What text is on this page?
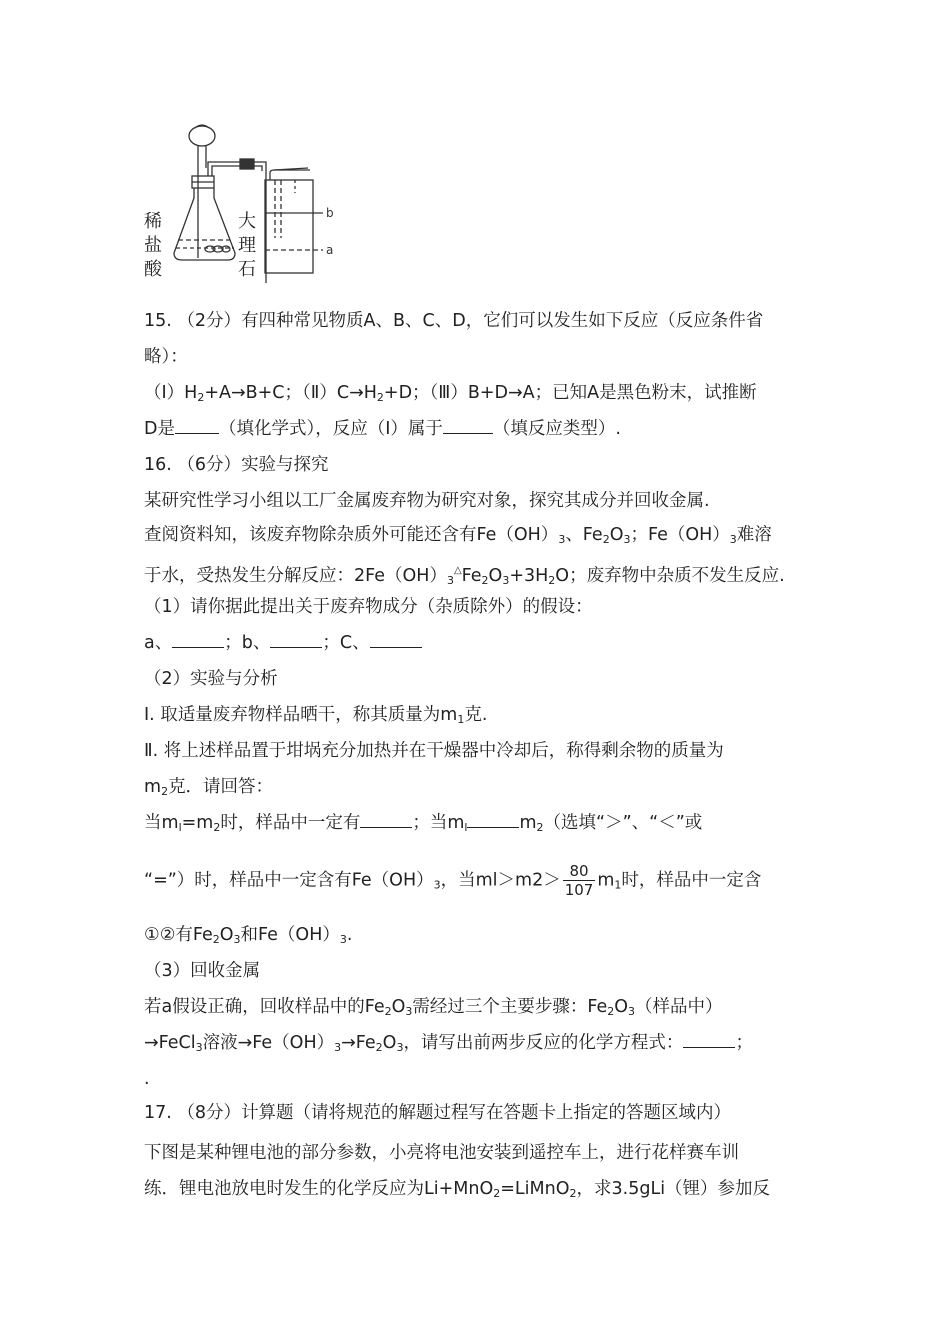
b
a
稀
盐
酸
大
理
石
15. （2分）有四种常见物质A、B、C、D，它们可以发生如下反应（反应条件省
略）：
$(I)H_2+A\to B+C$；$(Ⅱ)C\to H_2+D$；（Ⅲ）B+D→A；已知A是黑色粉末，试推断
D是	（填化学式），反应（I）属于	（填反应类型）.
16. （6分）实验与探究
某研究性学习小组以工厂金属废弃物为研究对象，探究其成分并回收金属.
查阅资料知，该废弃物除杂质外可能还含有$Fe(OH)_3$、$Fe_2O_3$；$Fe(OH)_3$难溶
于水，受热发生分解反应：$2Fe(OH)_3^\triangle Fe_2O_3+3H_2O$；废弃物中杂质不发生反应.
（1）请你据此提出关于废弃物成分（杂质除外）的假设：
a、	；b、	；C、
（2）实验与分析
Ⅰ. 取适量废弃物样品晒干，称其质量为$m_1$克.
Ⅱ. 将上述样品置于坩埚充分加热并在干燥器中冷却后，称得剩余物的质量为
$m_2$克．请回答：
当$m_l=m_2$时，样品中一定有	；当$m_l$	$m_2$（选填“＞”、“＜”或
“=”）时，样品中一定含有$Fe(OH)_3$，当$ml>m2> \frac{80}{107} m_1$时，样品中一定含
①②有$Fe_2O_3$和$Fe(OH)_3$.
（3）回收金属
若a假设正确，回收样品中的$Fe_2O_3$需经过三个主要步骤：$Fe_2O_3$（样品中）
→FeCl$_3$溶液$\to Fe(OH)_3\to Fe_2O_3$，请写出前两步反应的化学方程式：	；
.
17. （8分）计算题（请将规范的解题过程写在答题卡上指定的答题区域内）
下图是某种锂电池的部分参数，小亮将电池安装到遥控车上，进行花样赛车训
练．锂电池放电时发生的化学反应为Li+MnO$_2$=LiMnO$_2$，求3.5gLi（锂）参加反
